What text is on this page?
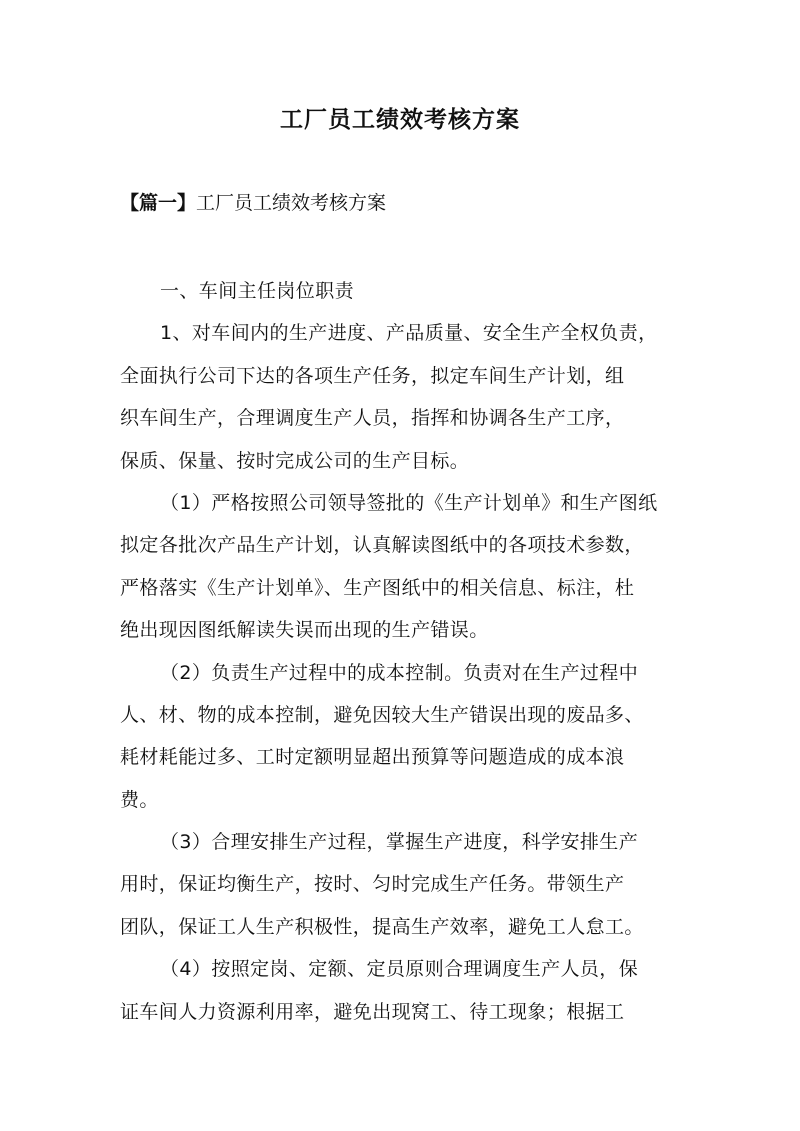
工厂员工绩效考核方案
【篇一】工厂员工绩效考核方案

一、车间主任岗位职责

1、对车间内的生产进度、产品质量、安全生产全权负责，

全面执行公司下达的各项生产任务，拟定车间生产计划，组

织车间生产，合理调度生产人员，指挥和协调各生产工序，

保质、保量、按时完成公司的生产目标。

（1）严格按照公司领导签批的《生产计划单》和生产图纸

拟定各批次产品生产计划，认真解读图纸中的各项技术参数，

严格落实《生产计划单》、生产图纸中的相关信息、标注，杜

绝出现因图纸解读失误而出现的生产错误。

（2）负责生产过程中的成本控制。负责对在生产过程中

人、材、物的成本控制，避免因较大生产错误出现的废品多、

耗材耗能过多、工时定额明显超出预算等问题造成的成本浪

费。

（3）合理安排生产过程，掌握生产进度，科学安排生产

用时，保证均衡生产，按时、匀时完成生产任务。带领生产

团队，保证工人生产积极性，提高生产效率，避免工人怠工。

（4）按照定岗、定额、定员原则合理调度生产人员，保

证车间人力资源利用率，避免出现窝工、待工现象；根据工
